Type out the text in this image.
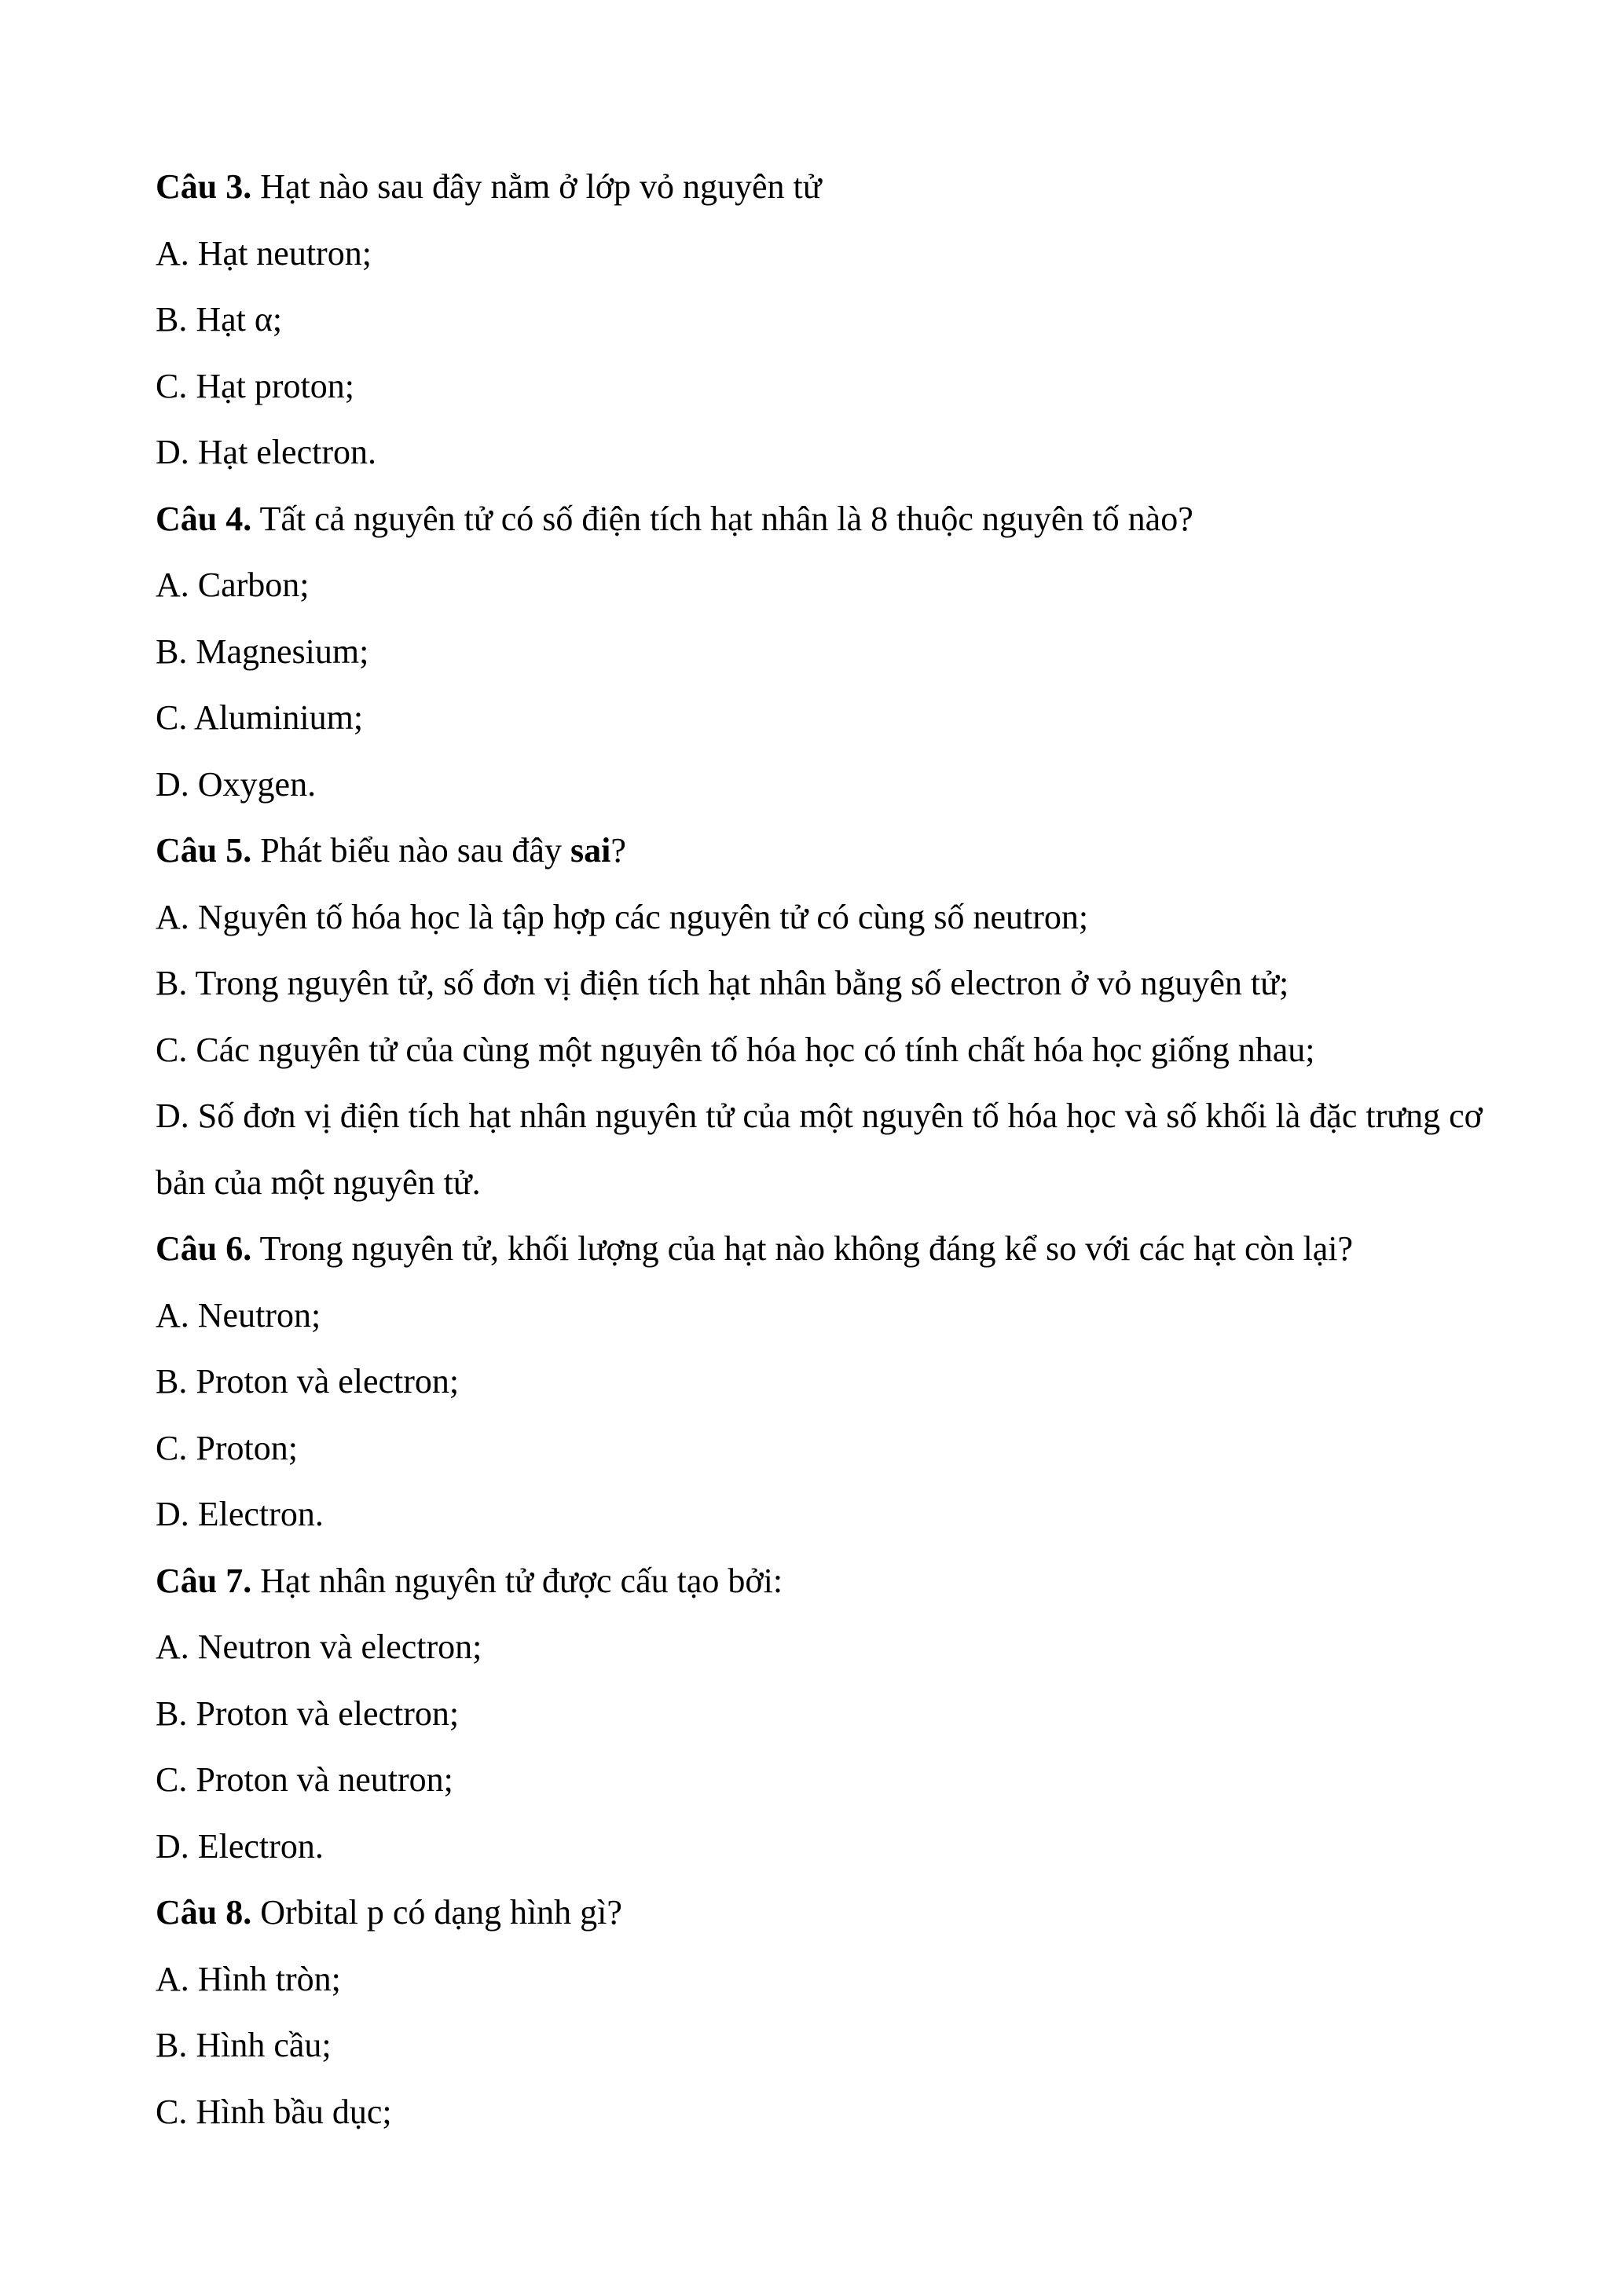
Câu 3. Hạt nào sau đây nằm ở lớp vỏ nguyên tử
A. Hạt neutron;
B. Hạt α;
C. Hạt proton;
D. Hạt electron.
Câu 4. Tất cả nguyên tử có số điện tích hạt nhân là 8 thuộc nguyên tố nào?
A. Carbon;
B. Magnesium;
C. Aluminium;
D. Oxygen.
Câu 5. Phát biểu nào sau đây sai?
A. Nguyên tố hóa học là tập hợp các nguyên tử có cùng số neutron;
B. Trong nguyên tử, số đơn vị điện tích hạt nhân bằng số electron ở vỏ nguyên tử;
C. Các nguyên tử của cùng một nguyên tố hóa học có tính chất hóa học giống nhau;
D. Số đơn vị điện tích hạt nhân nguyên tử của một nguyên tố hóa học và số khối là đặc trưng cơ bản của một nguyên tử.
Câu 6. Trong nguyên tử, khối lượng của hạt nào không đáng kể so với các hạt còn lại?
A. Neutron;
B. Proton và electron;
C. Proton;
D. Electron.
Câu 7. Hạt nhân nguyên tử được cấu tạo bởi:
A. Neutron và electron;
B. Proton và electron;
C. Proton và neutron;
D. Electron.
Câu 8. Orbital p có dạng hình gì?
A. Hình tròn;
B. Hình cầu;
C. Hình bầu dục;
